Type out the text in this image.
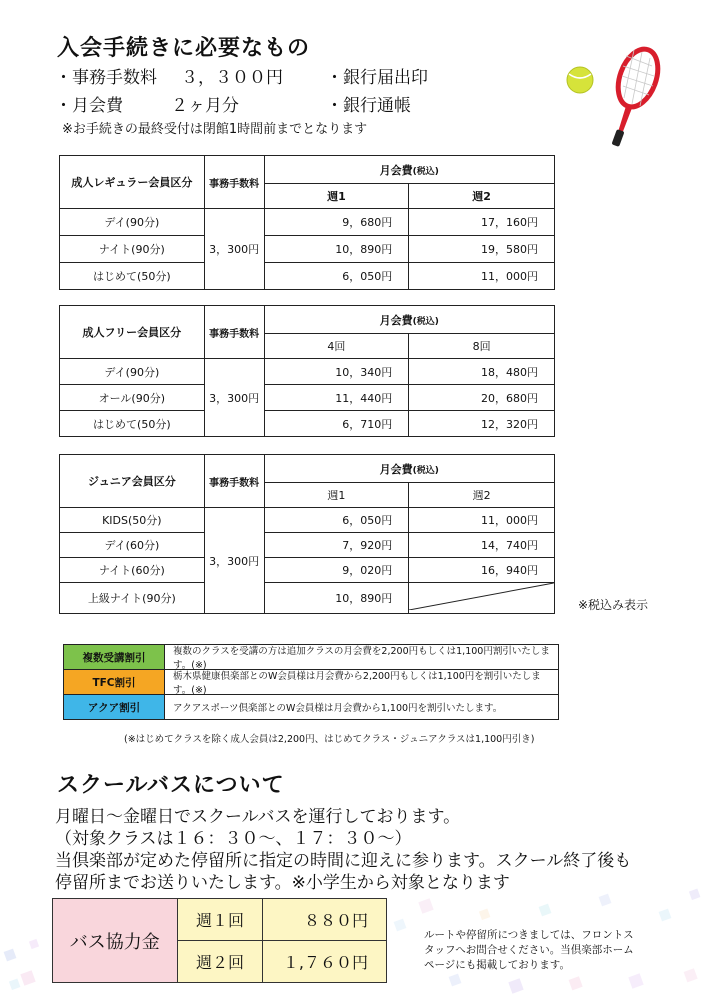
入会手続きに必要なもの
・事務手数料 ３，３００円
・月会費	２ヶ月分
・銀行届出印
・銀行通帳
※お手続きの最終受付は閉館1時間前までとなります
成人レギュラー会員区分	事務手数料	月会費(税込)	
		週1	週2
デイ(90分)	3，300円	9，680円	17，160円
ナイト(90分)		10，890円	19，580円
はじめて(50分)		6，050円	11，000円
成人フリー会員区分	事務手数料	月会費(税込)	
		4回	8回
デイ(90分)	3，300円	10，340円	18，480円
オール(90分)		11，440円	20，680円
はじめて(50分)		6，710円	12，320円
ジュニア会員区分	事務手数料	月会費(税込)	
		週1	週2
KIDS(50分)	3，300円	6，050円	11，000円
デイ(60分)		7，920円	14，740円
ナイト(60分)		9，020円	16，940円
上級ナイト(90分)		10，890円		※税込み表示
複数受講割引	複数のクラスを受講の方は追加クラスの月会費を2,200円もしくは1,100円割引いたします。(※)
TFC割引	栃木県健康倶楽部とのW会員様は月会費から2,200円もしくは1,100円を割引いたします。(※)
アクア割引	アクアスポーツ倶楽部とのW会員様は月会費から1,100円を割引いたします。
(※はじめてクラスを除く成人会員は2,200円、はじめてクラス・ジュニアクラスは1,100円引き)
スクールバスについて
月曜日～金曜日でスクールバスを運行しております。
（対象クラスは１６：３０～、１７：３０～）
当倶楽部が定めた停留所に指定の時間に迎えに参ります。スクール終了後も
停留所までお送りいたします。※小学生から対象となります
バス協力金	週１回	８８０円
	週２回	１,７６０円
ルートや停留所につきましては、フロントス
タッフへお問合せください。当倶楽部ホーム
ページにも掲載しております。
